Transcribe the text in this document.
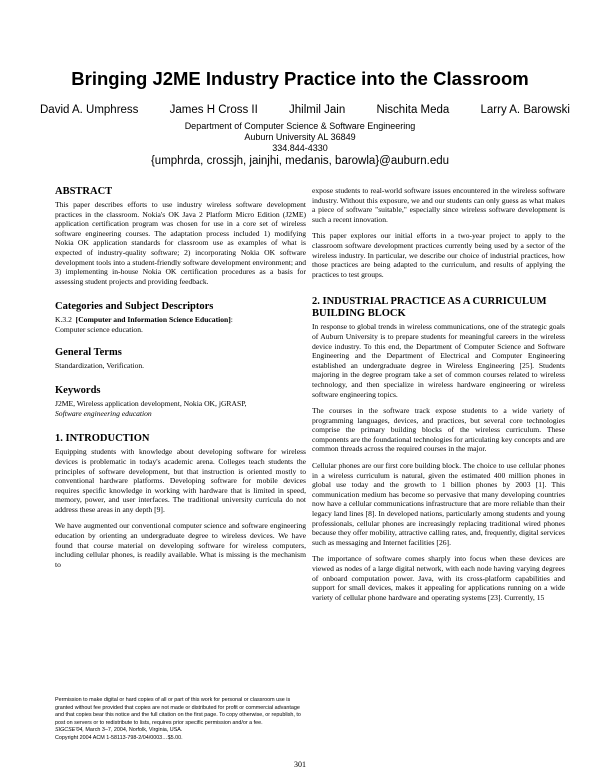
Bringing J2ME Industry Practice into the Classroom
David A. Umphress	James H Cross II	Jhilmil Jain	Nischita Meda	Larry A. Barowski
Department of Computer Science & Software Engineering
Auburn University AL 36849
334.844-4330
{umphrda, crossjh, jainjhi, medanis, barowla}@auburn.edu
ABSTRACT

This paper describes efforts to use industry wireless software development practices in the classroom. Nokia's OK Java 2 Platform Micro Edition (J2ME) application certification program was chosen for use in a core set of wireless software engineering courses. The adaptation process included 1) modifying Nokia OK application standards for classroom use as examples of what is expected of industry-quality software; 2) incorporating Nokia OK software development tools into a student-friendly software development environment; and 3) implementing in-house Nokia OK certification procedures as a basis for assessing student projects and providing feedback.

Categories and Subject Descriptors

K.3.2 [Computer and Information Science Education]:
Computer science education.

General Terms

Standardization, Verification.

Keywords

J2ME, Wireless application development, Nokia OK, jGRASP,
Software engineering education

1. INTRODUCTION

Equipping students with knowledge about developing software for wireless devices is problematic in today's academic arena. Colleges teach students the principles of software development, but that instruction is oriented mostly to conventional hardware platforms. Developing software for mobile devices requires specific knowledge in working with hardware that is limited in speed, memory, power, and user interfaces. The traditional university curricula do not address these areas in any depth [9].

We have augmented our conventional computer science and software engineering education by orienting an undergraduate degree to wireless devices. We have found that course material on developing software for wireless computers, including cellular phones, is readily available. What is missing is the mechanism to

Permission to make digital or hard copies of all or part of this work for personal or classroom use is granted without fee provided that copies are not made or distributed for profit or commercial advantage and that copies bear this notice and the full citation on the first page. To copy otherwise, or republish, to post on servers or to redistribute to lists, requires prior specific permission and/or a fee.
SIGCSE'04, March 3–7, 2004, Norfolk, Virginia, USA.
Copyright 2004 ACM 1-58113-798-2/04/0003…$5.00.

expose students to real-world software issues encountered in the wireless software industry. Without this exposure, we and our students can only guess as what makes a piece of software "suitable," especially since wireless software development is such a recent innovation.

This paper explores our initial efforts in a two-year project to apply to the classroom software development practices currently being used by a sector of the wireless industry. In particular, we describe our choice of industrial practices, how those practices are being adapted to the curriculum, and results of applying the practices to test groups.

2. INDUSTRIAL PRACTICE AS A CURRICULUM BUILDING BLOCK

In response to global trends in wireless communications, one of the strategic goals of Auburn University is to prepare students for meaningful careers in the wireless device industry. To this end, the Department of Computer Science and Software Engineering and the Department of Electrical and Computer Engineering established an undergraduate degree in Wireless Engineering [25]. Students majoring in the degree program take a set of common courses related to wireless technology, and then specialize in wireless hardware engineering or wireless software engineering topics.

The courses in the software track expose students to a wide variety of programming languages, devices, and practices, but several core technologies comprise the primary building blocks of the wireless curriculum. These components are the foundational technologies for articulating key concepts and are common threads across the required courses in the major.

Cellular phones are our first core building block. The choice to use cellular phones in a wireless curriculum is natural, given the estimated 400 million phones in global use today and the growth to 1 billion phones by 2003 [1]. This communication medium has become so pervasive that many developing countries now have a cellular communications infrastructure that are more reliable than their legacy land lines [8]. In developed nations, particularly among students and young professionals, cellular phones are increasingly replacing traditional wired phones because they offer mobility, attractive calling rates, and, frequently, digital services such as messaging and Internet facilities [26].

The importance of software comes sharply into focus when these devices are viewed as nodes of a large digital network, with each node having varying degrees of onboard computation power. Java, with its cross-platform capabilities and support for small devices, makes it appealing for applications running on a wide variety of cellular phone hardware and operating systems [23]. Currently, 15

301
